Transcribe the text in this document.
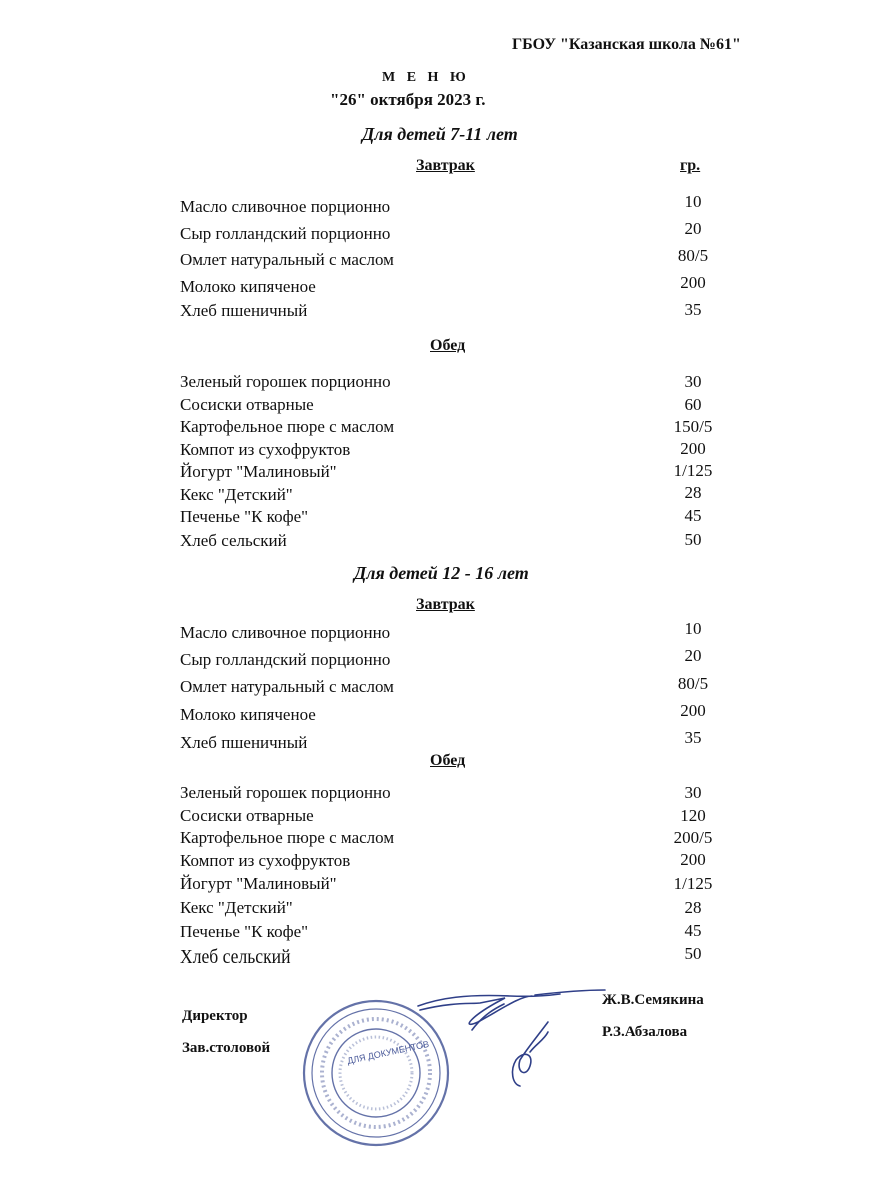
ГБОУ "Казанская школа №61"
М Е Н Ю
"26" октября 2023 г.
Для детей 7-11 лет
Завтрак	гр.
Масло сливочное порционно	10
Сыр голландский порционно	20
Омлет натуральный с маслом	80/5
Молоко кипяченое	200
Хлеб пшеничный	35
Обед
Зеленый горошек порционно	30
Сосиски отварные	60
Картофельное пюре с маслом	150/5
Компот из сухофруктов	200
Йогурт "Малиновый"	1/125
Кекс "Детский"	28
Печенье "К кофе"	45
Хлеб сельский	50
Для детей 12 - 16 лет
Завтрак
Масло сливочное порционно	10
Сыр голландский порционно	20
Омлет натуральный с маслом	80/5
Молоко кипяченое	200
Хлеб пшеничный	35
Обед
Зеленый горошек порционно	30
Сосиски отварные	120
Картофельное пюре с маслом	200/5
Компот из сухофруктов	200
Йогурт "Малиновый"	1/125
Кекс "Детский"	28
Печенье "К кофе"	45
Хлеб сельский	50
Директор
Зав.столовой
Ж.В.Семякина
Р.З.Абзалова
ДЛЯ ДОКУМЕНТОВ
